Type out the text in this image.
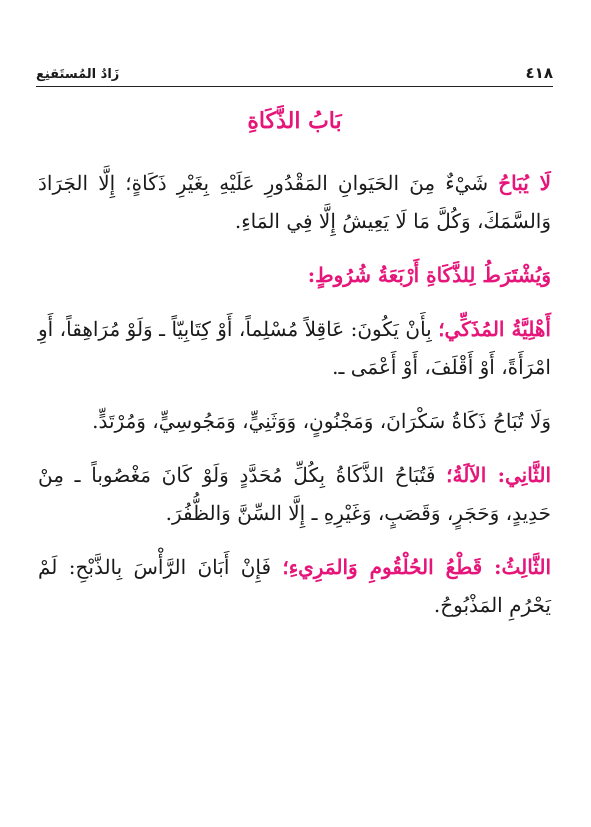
٤١٨
زَادُ المُستَقنِع
بَابُ الذَّكَاةِ

لَا يُبَاحُ شَيْءٌ مِنَ الحَيَوانِ المَقْدُورِ عَلَيْهِ بِغَيْرِ ذَكَاةٍ؛ إِلَّا الجَرَادَ وَالسَّمَكَ، وَكُلَّ مَا لَا يَعِيشُ إِلَّا فِي المَاءِ.

وَيُشْتَرَطُ لِلذَّكَاةِ أَرْبَعَةُ شُرُوطٍ:

أَهْلِيَّةُ المُذَكِّي؛ بِأَنْ يَكُونَ: عَاقِلاً مُسْلِماً، أَوْ كِتَابِيّاً ـ وَلَوْ مُرَاهِقاً، أَوِ امْرَأَةً، أَوْ أَقْلَفَ، أَوْ أَعْمَى ـ.

وَلَا تُبَاحُ ذَكَاةُ سَكْرَانَ، وَمَجْنُونٍ، وَوَثَنِيٍّ، وَمَجُوسِيٍّ، وَمُرْتَدٍّ.

الثَّانِي: الآلَةُ؛ فَتُبَاحُ الذَّكَاةُ بِكُلِّ مُحَدَّدٍ وَلَوْ كَانَ مَغْصُوباً ـ مِنْ حَدِيدٍ، وَحَجَرٍ، وَقَصَبٍ، وَغَيْرِهِ ـ إِلَّا السِّنَّ وَالظُّفُرَ.

الثَّالِثُ: قَطْعُ الحُلْقُومِ وَالمَرِيءِ؛ فَإِنْ أَبَانَ الرَّأْسَ بِالذَّبْحِ: لَمْ يَحْرُمِ المَذْبُوحُ.
